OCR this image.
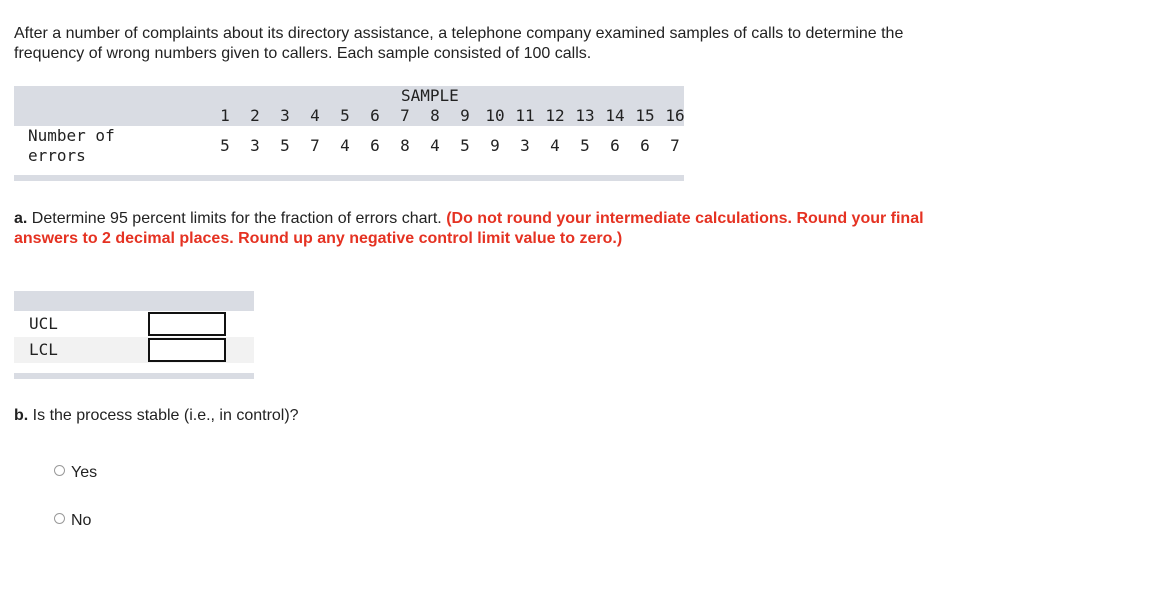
After a number of complaints about its directory assistance, a telephone company examined samples of calls to determine the frequency of wrong numbers given to callers. Each sample consisted of 100 calls.
SAMPLE
1	2	3	4	5	6	7	8	9 10 11 12 13 14 15 16
Number of errors
5	3	5	7	4	6	8	4	5	9	3	4	5	6	6	7
a. Determine 95 percent limits for the fraction of errors chart. (Do not round your intermediate calculations. Round your final answers to 2 decimal places. Round up any negative control limit value to zero.)
UCL
LCL
b. Is the process stable (i.e., in control)?
Yes
No
